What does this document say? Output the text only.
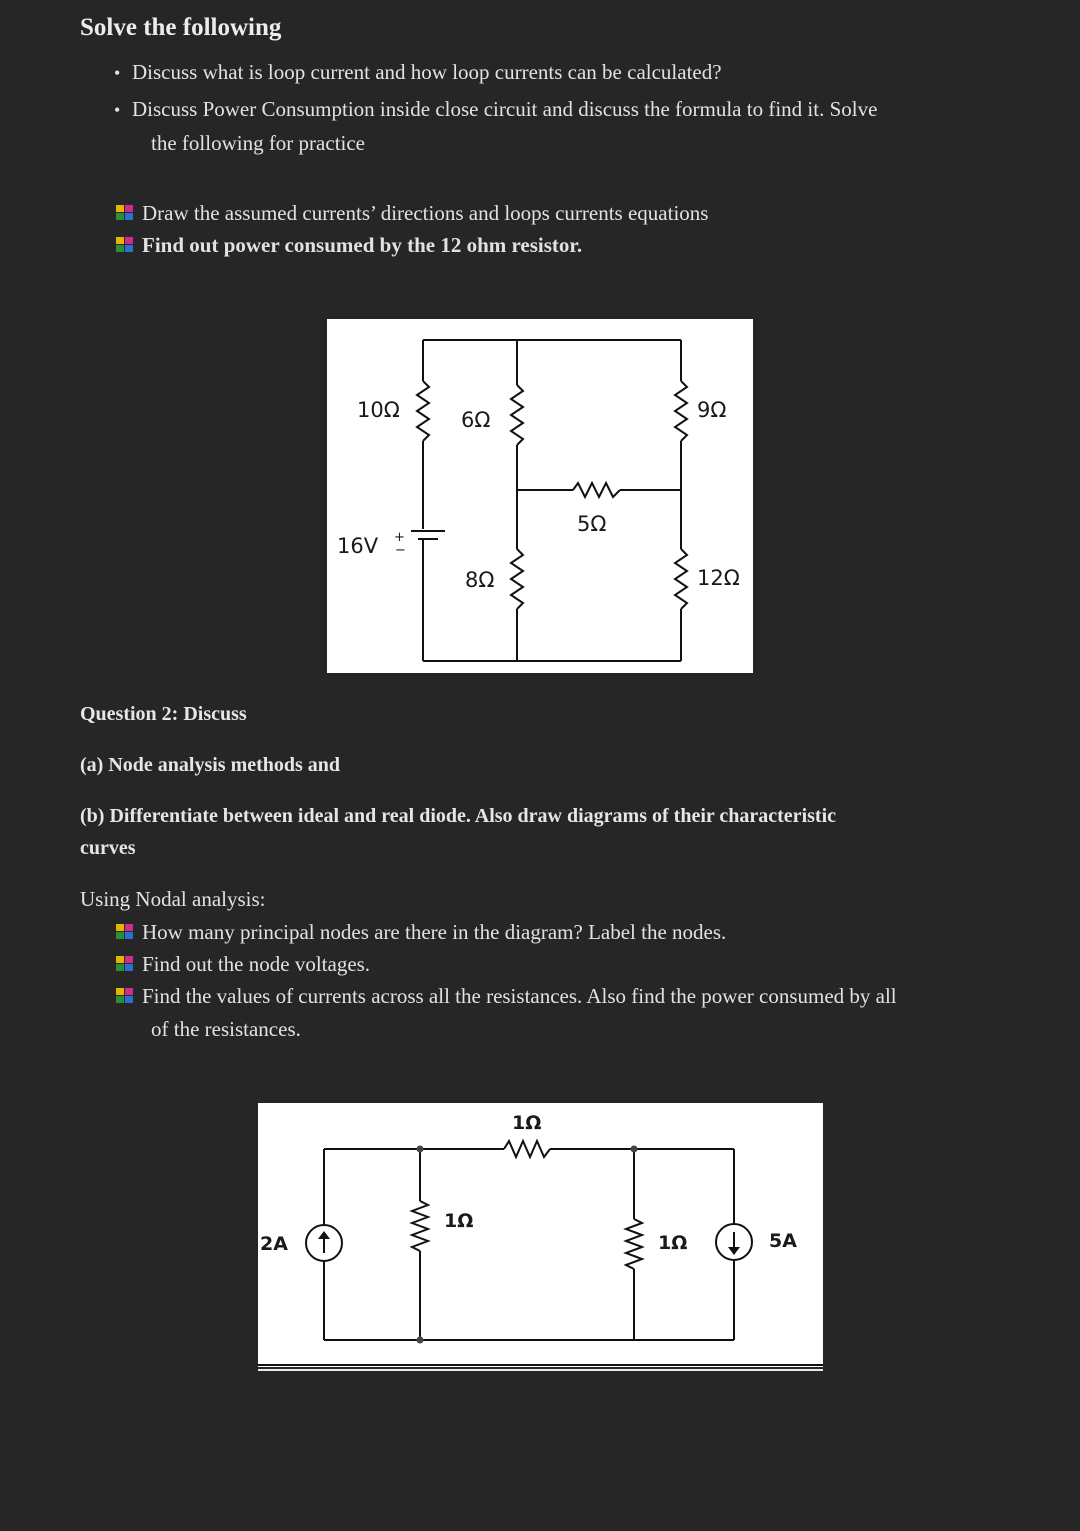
Solve the following
• Discuss what is loop current and how loop currents can be calculated?
• Discuss Power Consumption inside close circuit and discuss the formula to find it. Solve
the following for practice
Draw the assumed currents’ directions and loops currents equations
Find out power consumed by the 12 ohm resistor.
10Ω	6Ω	9Ω
5Ω
16V +
−
8Ω	12Ω
Question 2: Discuss
(a) Node analysis methods and
(b) Differentiate between ideal and real diode. Also draw diagrams of their characteristic
curves
Using Nodal analysis:
How many principal nodes are there in the diagram? Label the nodes.
Find out the node voltages.
Find the values of currents across all the resistances. Also find the power consumed by all
of the resistances.
1Ω
1Ω
1Ω
2A	5A
